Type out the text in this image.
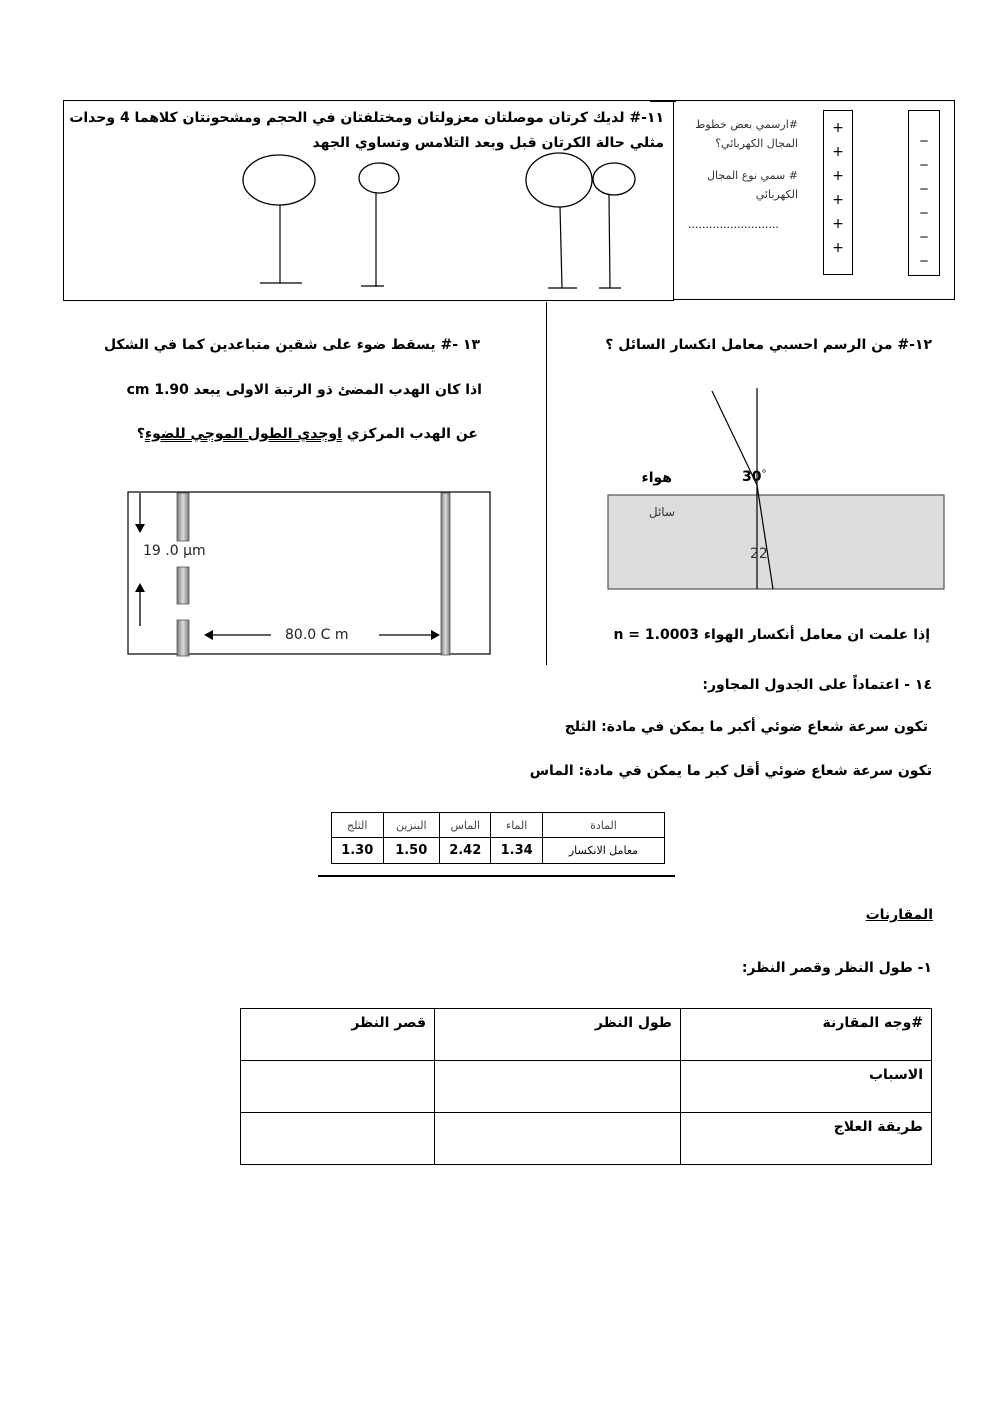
١١-# لديك كرتان موصلتان معزولتان ومختلفتان في الحجم ومشحونتان كلاهما 4 وحدات
مثلي حالة الكرتان قبل وبعد التلامس وتساوي الجهد
#ارسمي بعض خطوط المجال الكهربائي؟
# سمي نوع المجال الكهربائي
..........................
+
+
+
+
+
+
_
_
_
_
_
_
١٢-# من الرسم احسبي معامل انكسار السائل ؟
هواء
سائل
30°
22
إذا علمت ان معامل أنكسار الهواء 1.0003 = n
١٣ -# يسقط ضوء على شقين متباعدين كما في الشكل
اذا كان الهدب المضئ ذو الرتبة الاولى يبعد 1.90 cm
عن الهدب المركزي اوجدي الطول الموجي للضوء؟
19 .0 μm
80.0 C m
١٤ - اعتماداً على الجدول المجاور:
تكون سرعة شعاع ضوئي أكبر ما يمكن في مادة: الثلج
تكون سرعة شعاع ضوئي أقل كبر ما يمكن في مادة: الماس
المادة	الماء	الماس	البنزين	الثلج
معامل الانكسار	1.34	2.42	1.50	1.30
المقارنات
١- طول النظر وقصر النظر:
#وجه المقارنة	طول النظر	قصر النظر
الاسباب		
طريقة العلاج		
